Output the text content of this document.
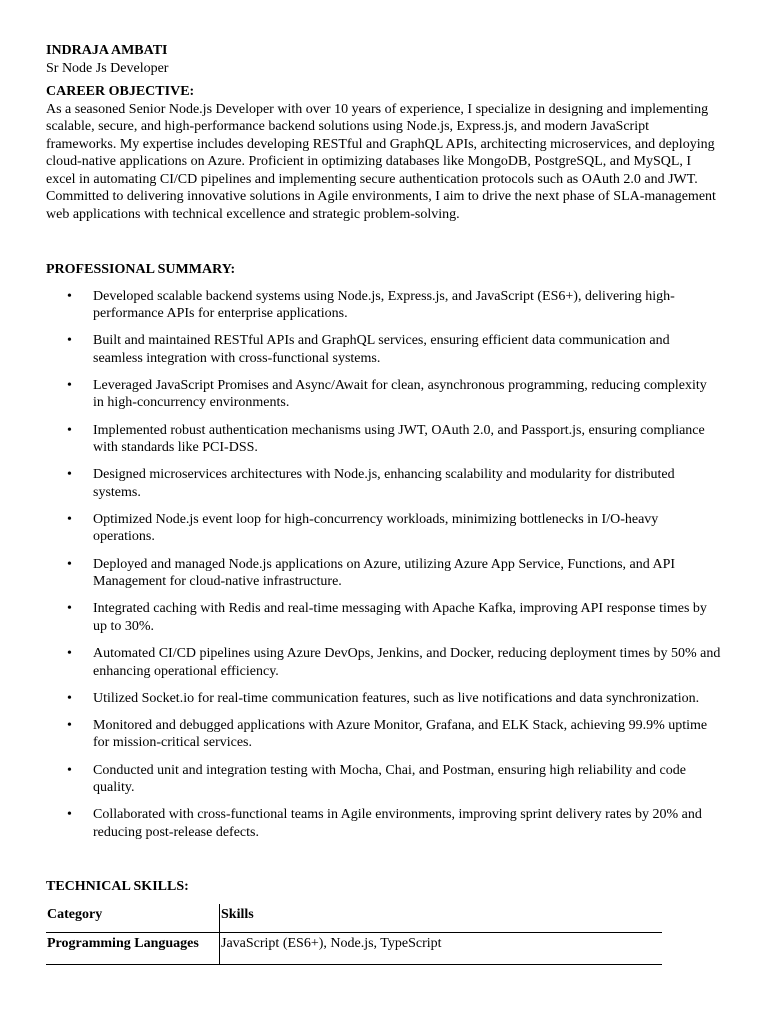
INDRAJA AMBATI

Sr Node Js Developer

CAREER OBJECTIVE:

As a seasoned Senior Node.js Developer with over 10 years of experience, I specialize in designing and implementing scalable, secure, and high-performance backend solutions using Node.js, Express.js, and modern JavaScript frameworks. My expertise includes developing RESTful and GraphQL APIs, architecting microservices, and deploying cloud-native applications on Azure. Proficient in optimizing databases like MongoDB, PostgreSQL, and MySQL, I excel in automating CI/CD pipelines and implementing secure authentication protocols such as OAuth 2.0 and JWT. Committed to delivering innovative solutions in Agile environments, I aim to drive the next phase of SLA-management web applications with technical excellence and strategic problem-solving.

PROFESSIONAL SUMMARY:

• Developed scalable backend systems using Node.js, Express.js, and JavaScript (ES6+), delivering high-performance APIs for enterprise applications.
• Built and maintained RESTful APIs and GraphQL services, ensuring efficient data communication and seamless integration with cross-functional systems.
• Leveraged JavaScript Promises and Async/Await for clean, asynchronous programming, reducing complexity in high-concurrency environments.
• Implemented robust authentication mechanisms using JWT, OAuth 2.0, and Passport.js, ensuring compliance with standards like PCI-DSS.
• Designed microservices architectures with Node.js, enhancing scalability and modularity for distributed systems.
• Optimized Node.js event loop for high-concurrency workloads, minimizing bottlenecks in I/O-heavy operations.
• Deployed and managed Node.js applications on Azure, utilizing Azure App Service, Functions, and API Management for cloud-native infrastructure.
• Integrated caching with Redis and real-time messaging with Apache Kafka, improving API response times by up to 30%.
• Automated CI/CD pipelines using Azure DevOps, Jenkins, and Docker, reducing deployment times by 50% and enhancing operational efficiency.
• Utilized Socket.io for real-time communication features, such as live notifications and data synchronization.
• Monitored and debugged applications with Azure Monitor, Grafana, and ELK Stack, achieving 99.9% uptime for mission-critical services.
• Conducted unit and integration testing with Mocha, Chai, and Postman, ensuring high reliability and code quality.
• Collaborated with cross-functional teams in Agile environments, improving sprint delivery rates by 20% and reducing post-release defects.

TECHNICAL SKILLS:

Category	Skills
Programming Languages	JavaScript (ES6+), Node.js, TypeScript
